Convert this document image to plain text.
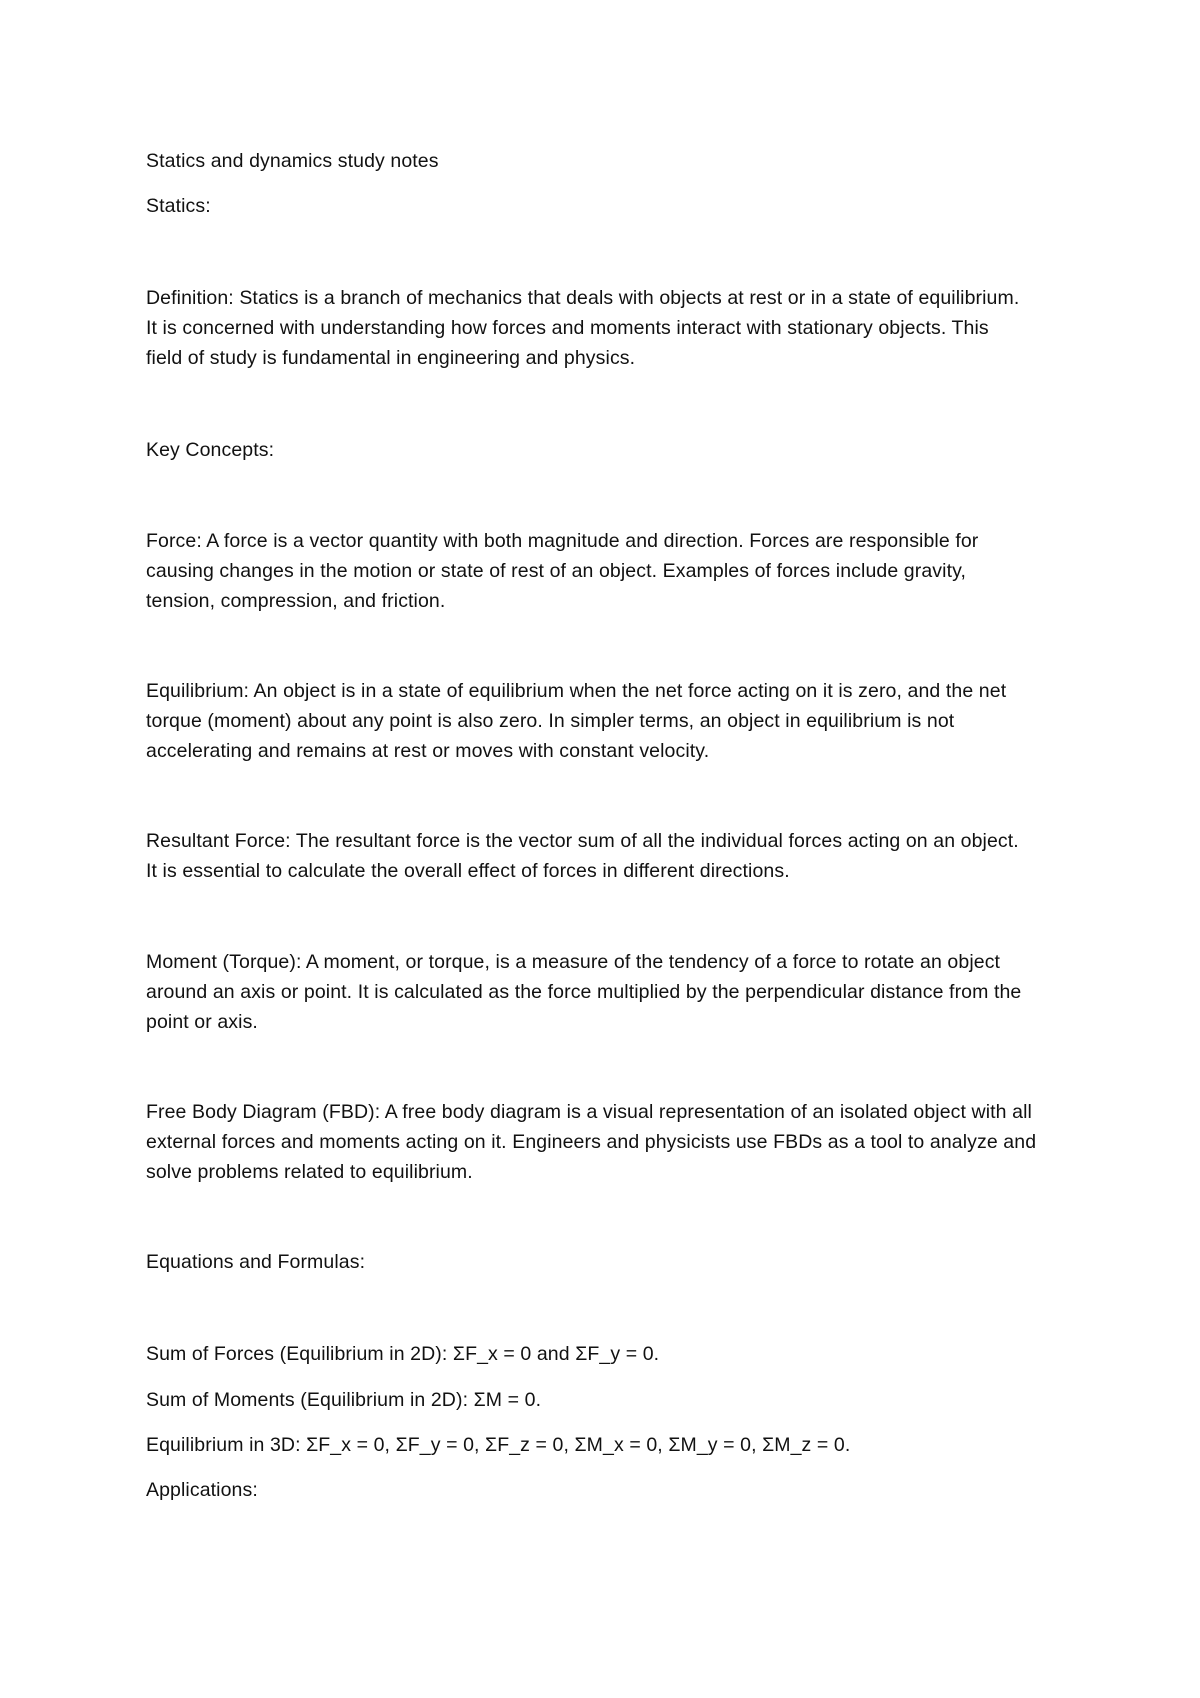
Statics and dynamics study notes
Statics:
Definition: Statics is a branch of mechanics that deals with objects at rest or in a state of equilibrium.
It is concerned with understanding how forces and moments interact with stationary objects. This
field of study is fundamental in engineering and physics.
Key Concepts:
Force: A force is a vector quantity with both magnitude and direction. Forces are responsible for
causing changes in the motion or state of rest of an object. Examples of forces include gravity,
tension, compression, and friction.
Equilibrium: An object is in a state of equilibrium when the net force acting on it is zero, and the net
torque (moment) about any point is also zero. In simpler terms, an object in equilibrium is not
accelerating and remains at rest or moves with constant velocity.
Resultant Force: The resultant force is the vector sum of all the individual forces acting on an object.
It is essential to calculate the overall effect of forces in different directions.
Moment (Torque): A moment, or torque, is a measure of the tendency of a force to rotate an object
around an axis or point. It is calculated as the force multiplied by the perpendicular distance from the
point or axis.
Free Body Diagram (FBD): A free body diagram is a visual representation of an isolated object with all
external forces and moments acting on it. Engineers and physicists use FBDs as a tool to analyze and
solve problems related to equilibrium.
Equations and Formulas:
Sum of Forces (Equilibrium in 2D): ΣF_x = 0 and ΣF_y = 0.
Sum of Moments (Equilibrium in 2D): ΣM = 0.
Equilibrium in 3D: ΣF_x = 0, ΣF_y = 0, ΣF_z = 0, ΣM_x = 0, ΣM_y = 0, ΣM_z = 0.
Applications:
